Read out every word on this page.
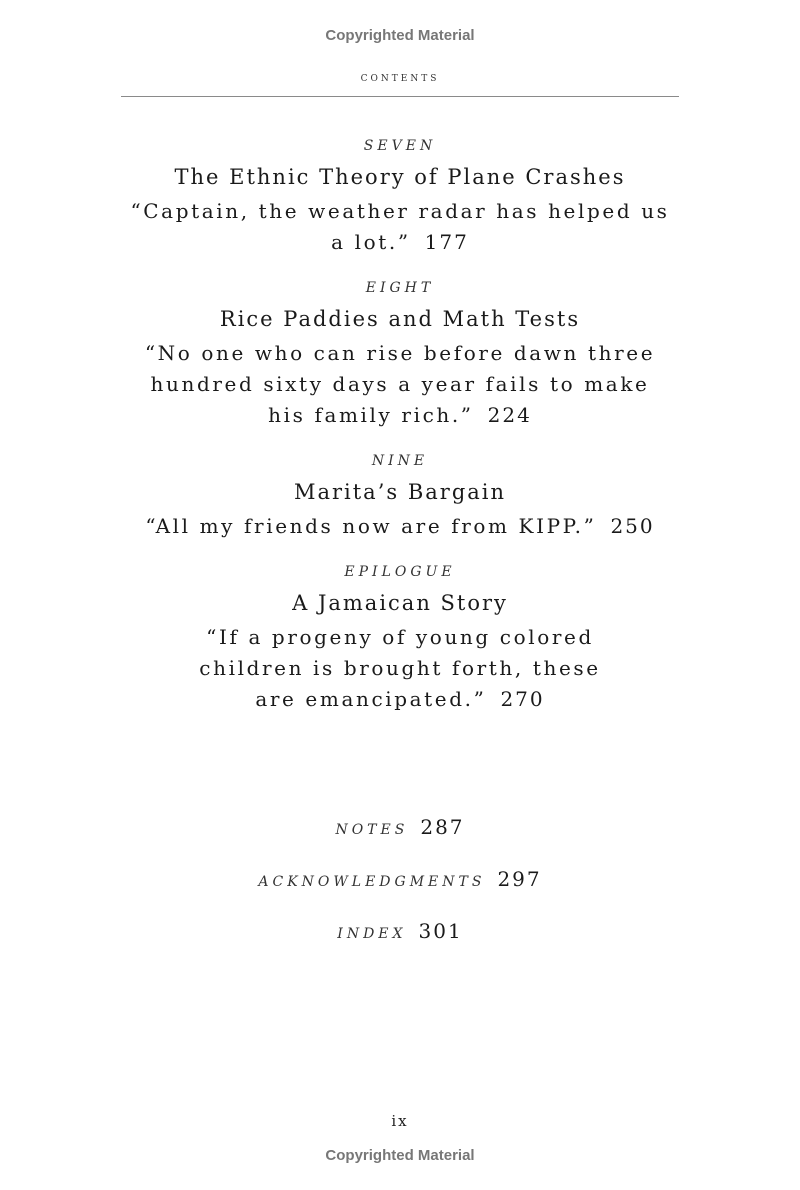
Copyrighted Material
contents
SEVEN
The Ethnic Theory of Plane Crashes
“Captain, the weather radar has helped us a lot.” 177
EIGHT
Rice Paddies and Math Tests
“No one who can rise before dawn three hundred sixty days a year fails to make his family rich.” 224
NINE
Marita’s Bargain
“All my friends now are from KIPP.” 250
EPILOGUE
A Jamaican Story
“If a progeny of young colored children is brought forth, these are emancipated.” 270
NOTES 287
ACKNOWLEDGMENTS 297
INDEX 301
ix
Copyrighted Material
